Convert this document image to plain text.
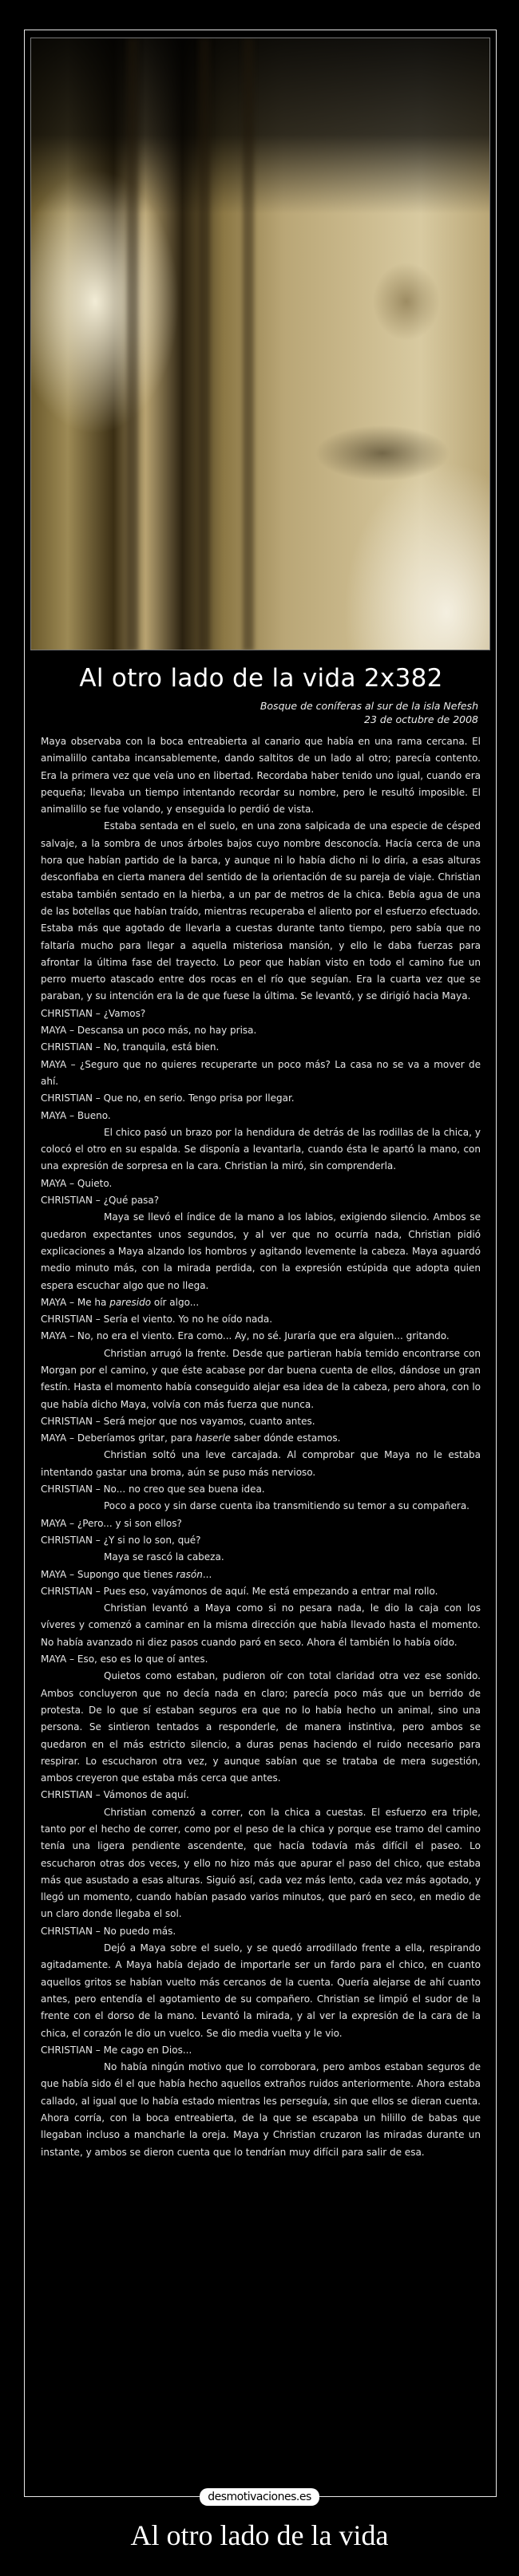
Al otro lado de la vida 2x382
Bosque de coníferas al sur de la isla Nefesh
23 de octubre de 2008

Maya observaba con la boca entreabierta al canario que había en una rama cercana. El animalillo cantaba incansablemente, dando saltitos de un lado al otro; parecía contento. Era la primera vez que veía uno en libertad. Recordaba haber tenido uno igual, cuando era pequeña; llevaba un tiempo intentando recordar su nombre, pero le resultó imposible. El animalillo se fue volando, y enseguida lo perdió de vista.

Estaba sentada en el suelo, en una zona salpicada de una especie de césped salvaje, a la sombra de unos árboles bajos cuyo nombre desconocía. Hacía cerca de una hora que habían partido de la barca, y aunque ni lo había dicho ni lo diría, a esas alturas desconfiaba en cierta manera del sentido de la orientación de su pareja de viaje. Christian estaba también sentado en la hierba, a un par de metros de la chica. Bebía agua de una de las botellas que habían traído, mientras recuperaba el aliento por el esfuerzo efectuado. Estaba más que agotado de llevarla a cuestas durante tanto tiempo, pero sabía que no faltaría mucho para llegar a aquella misteriosa mansión, y ello le daba fuerzas para afrontar la última fase del trayecto. Lo peor que habían visto en todo el camino fue un perro muerto atascado entre dos rocas en el río que seguían. Era la cuarta vez que se paraban, y su intención era la de que fuese la última. Se levantó, y se dirigió hacia Maya.

CHRISTIAN – ¿Vamos?

MAYA – Descansa un poco más, no hay prisa.

CHRISTIAN – No, tranquila, está bien.

MAYA – ¿Seguro que no quieres recuperarte un poco más? La casa no se va a mover de ahí.

CHRISTIAN – Que no, en serio. Tengo prisa por llegar.

MAYA – Bueno.

El chico pasó un brazo por la hendidura de detrás de las rodillas de la chica, y colocó el otro en su espalda. Se disponía a levantarla, cuando ésta le apartó la mano, con una expresión de sorpresa en la cara. Christian la miró, sin comprenderla.

MAYA – Quieto.

CHRISTIAN – ¿Qué pasa?

Maya se llevó el índice de la mano a los labios, exigiendo silencio. Ambos se quedaron expectantes unos segundos, y al ver que no ocurría nada, Christian pidió explicaciones a Maya alzando los hombros y agitando levemente la cabeza. Maya aguardó medio minuto más, con la mirada perdida, con la expresión estúpida que adopta quien espera escuchar algo que no llega.

MAYA – Me ha paresido oír algo...

CHRISTIAN – Sería el viento. Yo no he oído nada.

MAYA – No, no era el viento. Era como... Ay, no sé. Juraría que era alguien... gritando.

Christian arrugó la frente. Desde que partieran había temido encontrarse con Morgan por el camino, y que éste acabase por dar buena cuenta de ellos, dándose un gran festín. Hasta el momento había conseguido alejar esa idea de la cabeza, pero ahora, con lo que había dicho Maya, volvía con más fuerza que nunca.

CHRISTIAN – Será mejor que nos vayamos, cuanto antes.

MAYA – Deberíamos gritar, para haserle saber dónde estamos.

Christian soltó una leve carcajada. Al comprobar que Maya no le estaba intentando gastar una broma, aún se puso más nervioso.

CHRISTIAN – No... no creo que sea buena idea.

Poco a poco y sin darse cuenta iba transmitiendo su temor a su compañera.

MAYA – ¿Pero... y si son ellos?

CHRISTIAN – ¿Y si no lo son, qué?

Maya se rascó la cabeza.

MAYA – Supongo que tienes rasón...

CHRISTIAN – Pues eso, vayámonos de aquí. Me está empezando a entrar mal rollo.

Christian levantó a Maya como si no pesara nada, le dio la caja con los víveres y comenzó a caminar en la misma dirección que había llevado hasta el momento. No había avanzado ni diez pasos cuando paró en seco. Ahora él también lo había oído.

MAYA – Eso, eso es lo que oí antes.

Quietos como estaban, pudieron oír con total claridad otra vez ese sonido. Ambos concluyeron que no decía nada en claro; parecía poco más que un berrido de protesta. De lo que sí estaban seguros era que no lo había hecho un animal, sino una persona. Se sintieron tentados a responderle, de manera instintiva, pero ambos se quedaron en el más estricto silencio, a duras penas haciendo el ruido necesario para respirar. Lo escucharon otra vez, y aunque sabían que se trataba de mera sugestión, ambos creyeron que estaba más cerca que antes.

CHRISTIAN – Vámonos de aquí.

Christian comenzó a correr, con la chica a cuestas. El esfuerzo era triple, tanto por el hecho de correr, como por el peso de la chica y porque ese tramo del camino tenía una ligera pendiente ascendente, que hacía todavía más difícil el paseo. Lo escucharon otras dos veces, y ello no hizo más que apurar el paso del chico, que estaba más que asustado a esas alturas. Siguió así, cada vez más lento, cada vez más agotado, y llegó un momento, cuando habían pasado varios minutos, que paró en seco, en medio de un claro donde llegaba el sol.

CHRISTIAN – No puedo más.

Dejó a Maya sobre el suelo, y se quedó arrodillado frente a ella, respirando agitadamente. A Maya había dejado de importarle ser un fardo para el chico, en cuanto aquellos gritos se habían vuelto más cercanos de la cuenta. Quería alejarse de ahí cuanto antes, pero entendía el agotamiento de su compañero. Christian se limpió el sudor de la frente con el dorso de la mano. Levantó la mirada, y al ver la expresión de la cara de la chica, el corazón le dio un vuelco. Se dio media vuelta y le vio.

CHRISTIAN – Me cago en Dios...

No había ningún motivo que lo corroborara, pero ambos estaban seguros de que había sido él el que había hecho aquellos extraños ruidos anteriormente. Ahora estaba callado, al igual que lo había estado mientras les perseguía, sin que ellos se dieran cuenta. Ahora corría, con la boca entreabierta, de la que se escapaba un hilillo de babas que llegaban incluso a mancharle la oreja. Maya y Christian cruzaron las miradas durante un instante, y ambos se dieron cuenta que lo tendrían muy difícil para salir de esa.

desmotivaciones.es
Al otro lado de la vida
